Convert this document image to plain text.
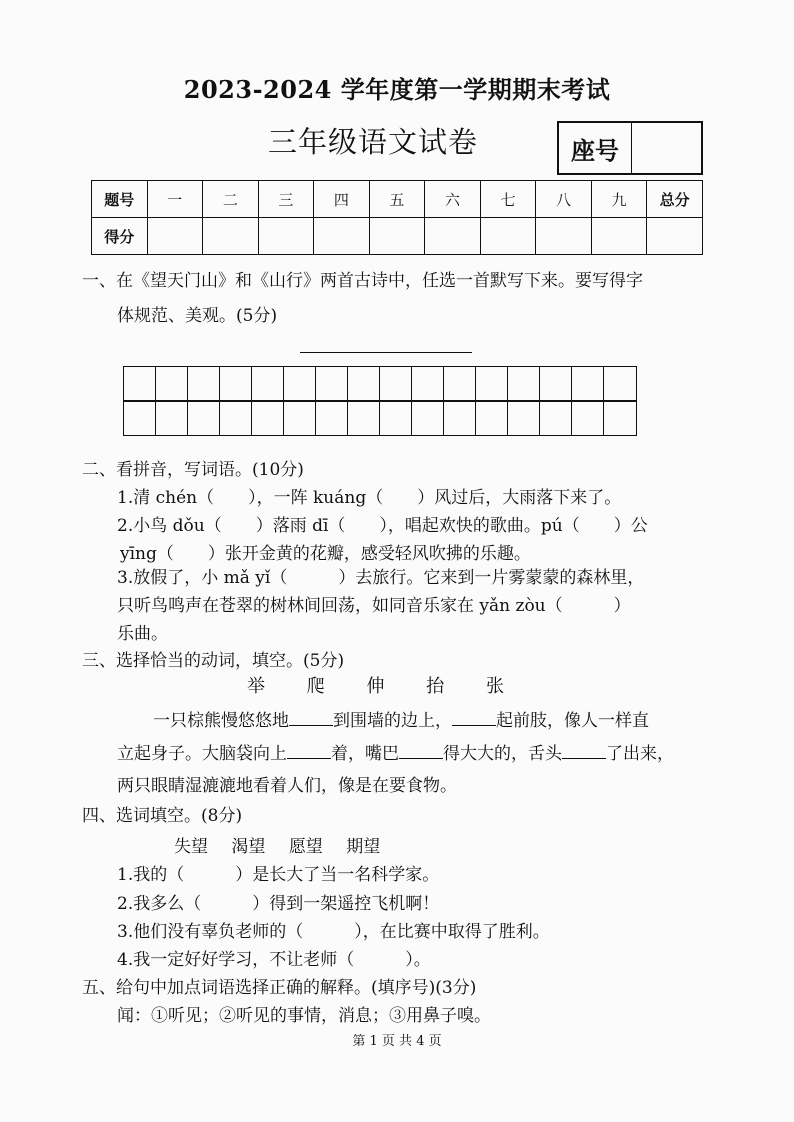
2023-2024 学年度第一学期期末考试
三年级语文试卷	座号
题号	一	二	三	四	五	六	七	八	九	总分
得分										
一、在《望天门山》和《山行》两首古诗中，任选一首默写下来。要写得字
体规范、美观。(5分)
二、看拼音，写词语。(10分)
1.清 chén（　　），一阵 kuáng（　　）风过后，大雨落下来了。
2.小鸟 dǒu（　　）落雨 dī（　　），唱起欢快的歌曲。pú（　　）公
yīng（　　）张开金黄的花瓣，感受轻风吹拂的乐趣。
3.放假了，小 mǎ yǐ（　　　）去旅行。它来到一片雾蒙蒙的森林里，
只听鸟鸣声在苍翠的树林间回荡，如同音乐家在 yǎn zòu（　　　）
乐曲。
三、选择恰当的动词，填空。(5分)
举 爬 伸 抬 张
一只棕熊慢悠悠地	到围墙的边上，	起前肢，像人一样直
立起身子。大脑袋向上	着，嘴巴	得大大的，舌头	了出来，
两只眼睛湿漉漉地看着人们，像是在要食物。
四、选词填空。(8分)
失望 渴望 愿望 期望
1.我的（　　　）是长大了当一名科学家。
2.我多么（　　　）得到一架遥控飞机啊！
3.他们没有辜负老师的（　　　），在比赛中取得了胜利。
4.我一定好好学习，不让老师（　　　）。
五、给句中加点词语选择正确的解释。(填序号)(3分)
闻：①听见；②听见的事情，消息；③用鼻子嗅。
第 1 页 共 4 页
